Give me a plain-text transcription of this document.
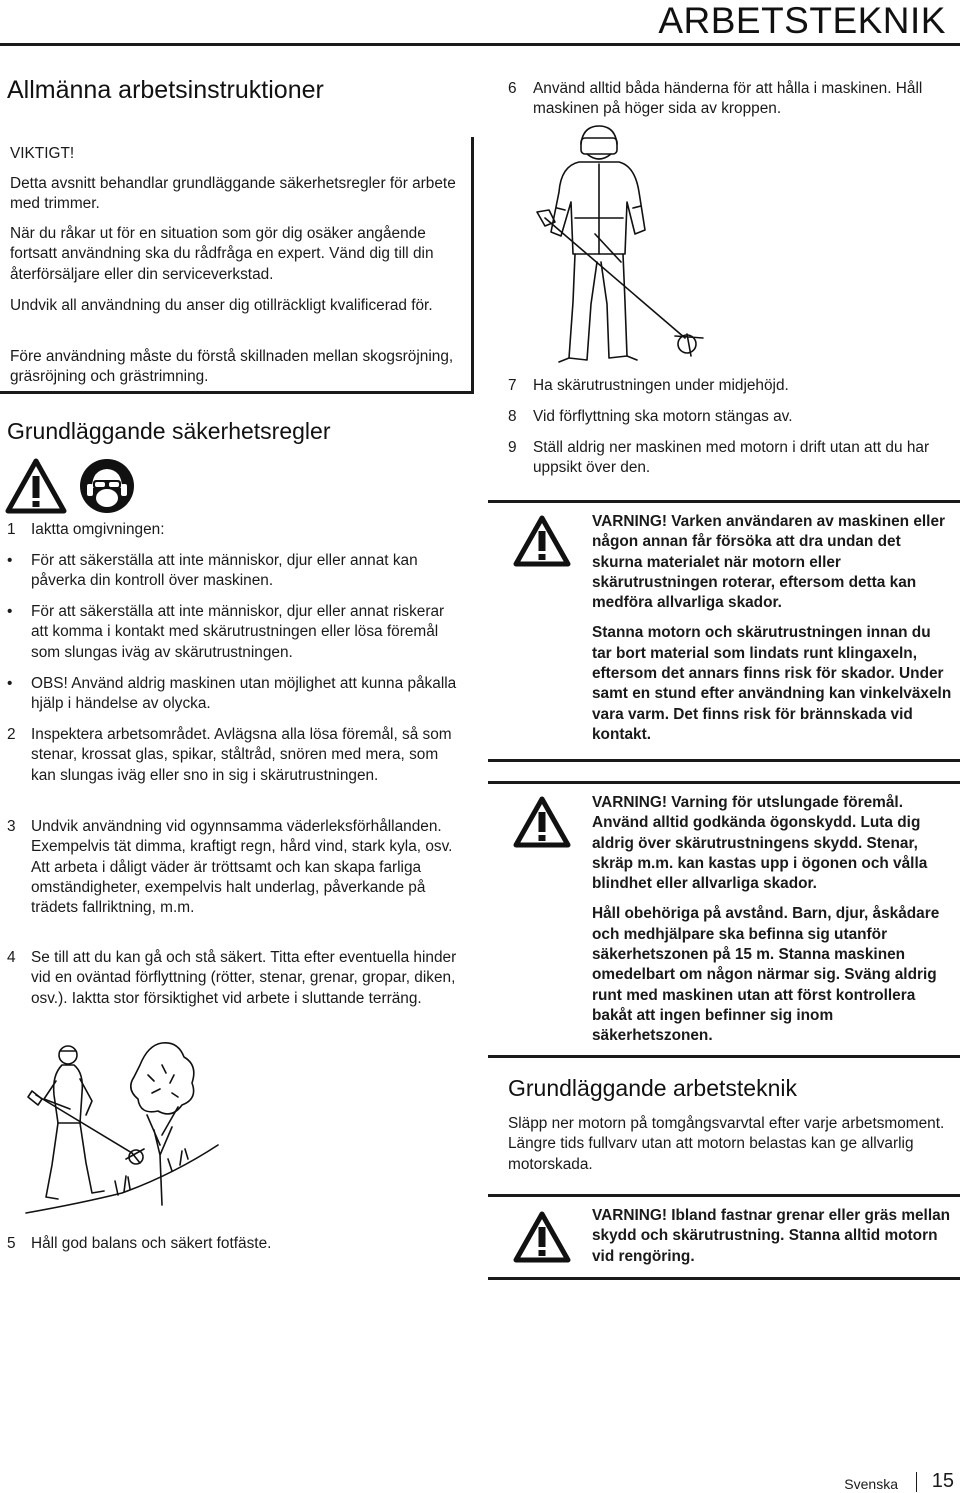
ARBETSTEKNIK
Allmänna arbetsinstruktioner

VIKTIGT!

Detta avsnitt behandlar grundläggande säkerhetsregler för arbete med trimmer.

När du råkar ut för en situation som gör dig osäker angående fortsatt användning ska du rådfråga en expert. Vänd dig till din återförsäljare eller din serviceverkstad.

Undvik all användning du anser dig otillräckligt kvalificerad för.

Före användning måste du förstå skillnaden mellan skogsröjning, gräsröjning och grästrimning.

Grundläggande säkerhetsregler
1 Iaktta omgivningen:

• För att säkerställa att inte människor, djur eller annat kan påverka din kontroll över maskinen.

• För att säkerställa att inte människor, djur eller annat riskerar att komma i kontakt med skärutrustningen eller lösa föremål som slungas iväg av skärutrustningen.

• OBS! Använd aldrig maskinen utan möjlighet att kunna påkalla hjälp i händelse av olycka.

2 Inspektera arbetsområdet. Avlägsna alla lösa föremål, så som stenar, krossat glas, spikar, ståltråd, snören med mera, som kan slungas iväg eller sno in sig i skärutrustningen.

3 Undvik användning vid ogynnsamma väderleksförhållanden. Exempelvis tät dimma, kraftigt regn, hård vind, stark kyla, osv. Att arbeta i dåligt väder är tröttsamt och kan skapa farliga omständigheter, exempelvis halt underlag, påverkande på trädets fallriktning, m.m.

4 Se till att du kan gå och stå säkert. Titta efter eventuella hinder vid en oväntad förflyttning (rötter, stenar, grenar, gropar, diken, osv.). Iaktta stor försiktighet vid arbete i sluttande terräng.

5 Håll god balans och säkert fotfäste.

6 Använd alltid båda händerna för att hålla i maskinen. Håll maskinen på höger sida av kroppen.

7 Ha skärutrustningen under midjehöjd.

8 Vid förflyttning ska motorn stängas av.

9 Ställ aldrig ner maskinen med motorn i drift utan att du har uppsikt över den.

VARNING! Varken användaren av maskinen eller någon annan får försöka att dra undan det skurna materialet när motorn eller skärutrustningen roterar, eftersom detta kan medföra allvarliga skador.

Stanna motorn och skärutrustningen innan du tar bort material som lindats runt klingaxeln, eftersom det annars finns risk för skador. Under samt en stund efter användning kan vinkelväxeln vara varm. Det finns risk för brännskada vid kontakt.

VARNING! Varning för utslungade föremål. Använd alltid godkända ögonskydd. Luta dig aldrig över skärutrustningens skydd. Stenar, skräp m.m. kan kastas upp i ögonen och vålla blindhet eller allvarliga skador.

Håll obehöriga på avstånd. Barn, djur, åskådare och medhjälpare ska befinna sig utanför säkerhetszonen på 15 m. Stanna maskinen omedelbart om någon närmar sig. Sväng aldrig runt med maskinen utan att först kontrollera bakåt att ingen befinner sig inom säkerhetszonen.

Grundläggande arbetsteknik

Släpp ner motorn på tomgångsvarvtal efter varje arbetsmoment. Längre tids fullvarv utan att motorn belastas kan ge allvarlig motorskada.

VARNING! Ibland fastnar grenar eller gräs mellan skydd och skärutrustning. Stanna alltid motorn vid rengöring.

Svenska 15
